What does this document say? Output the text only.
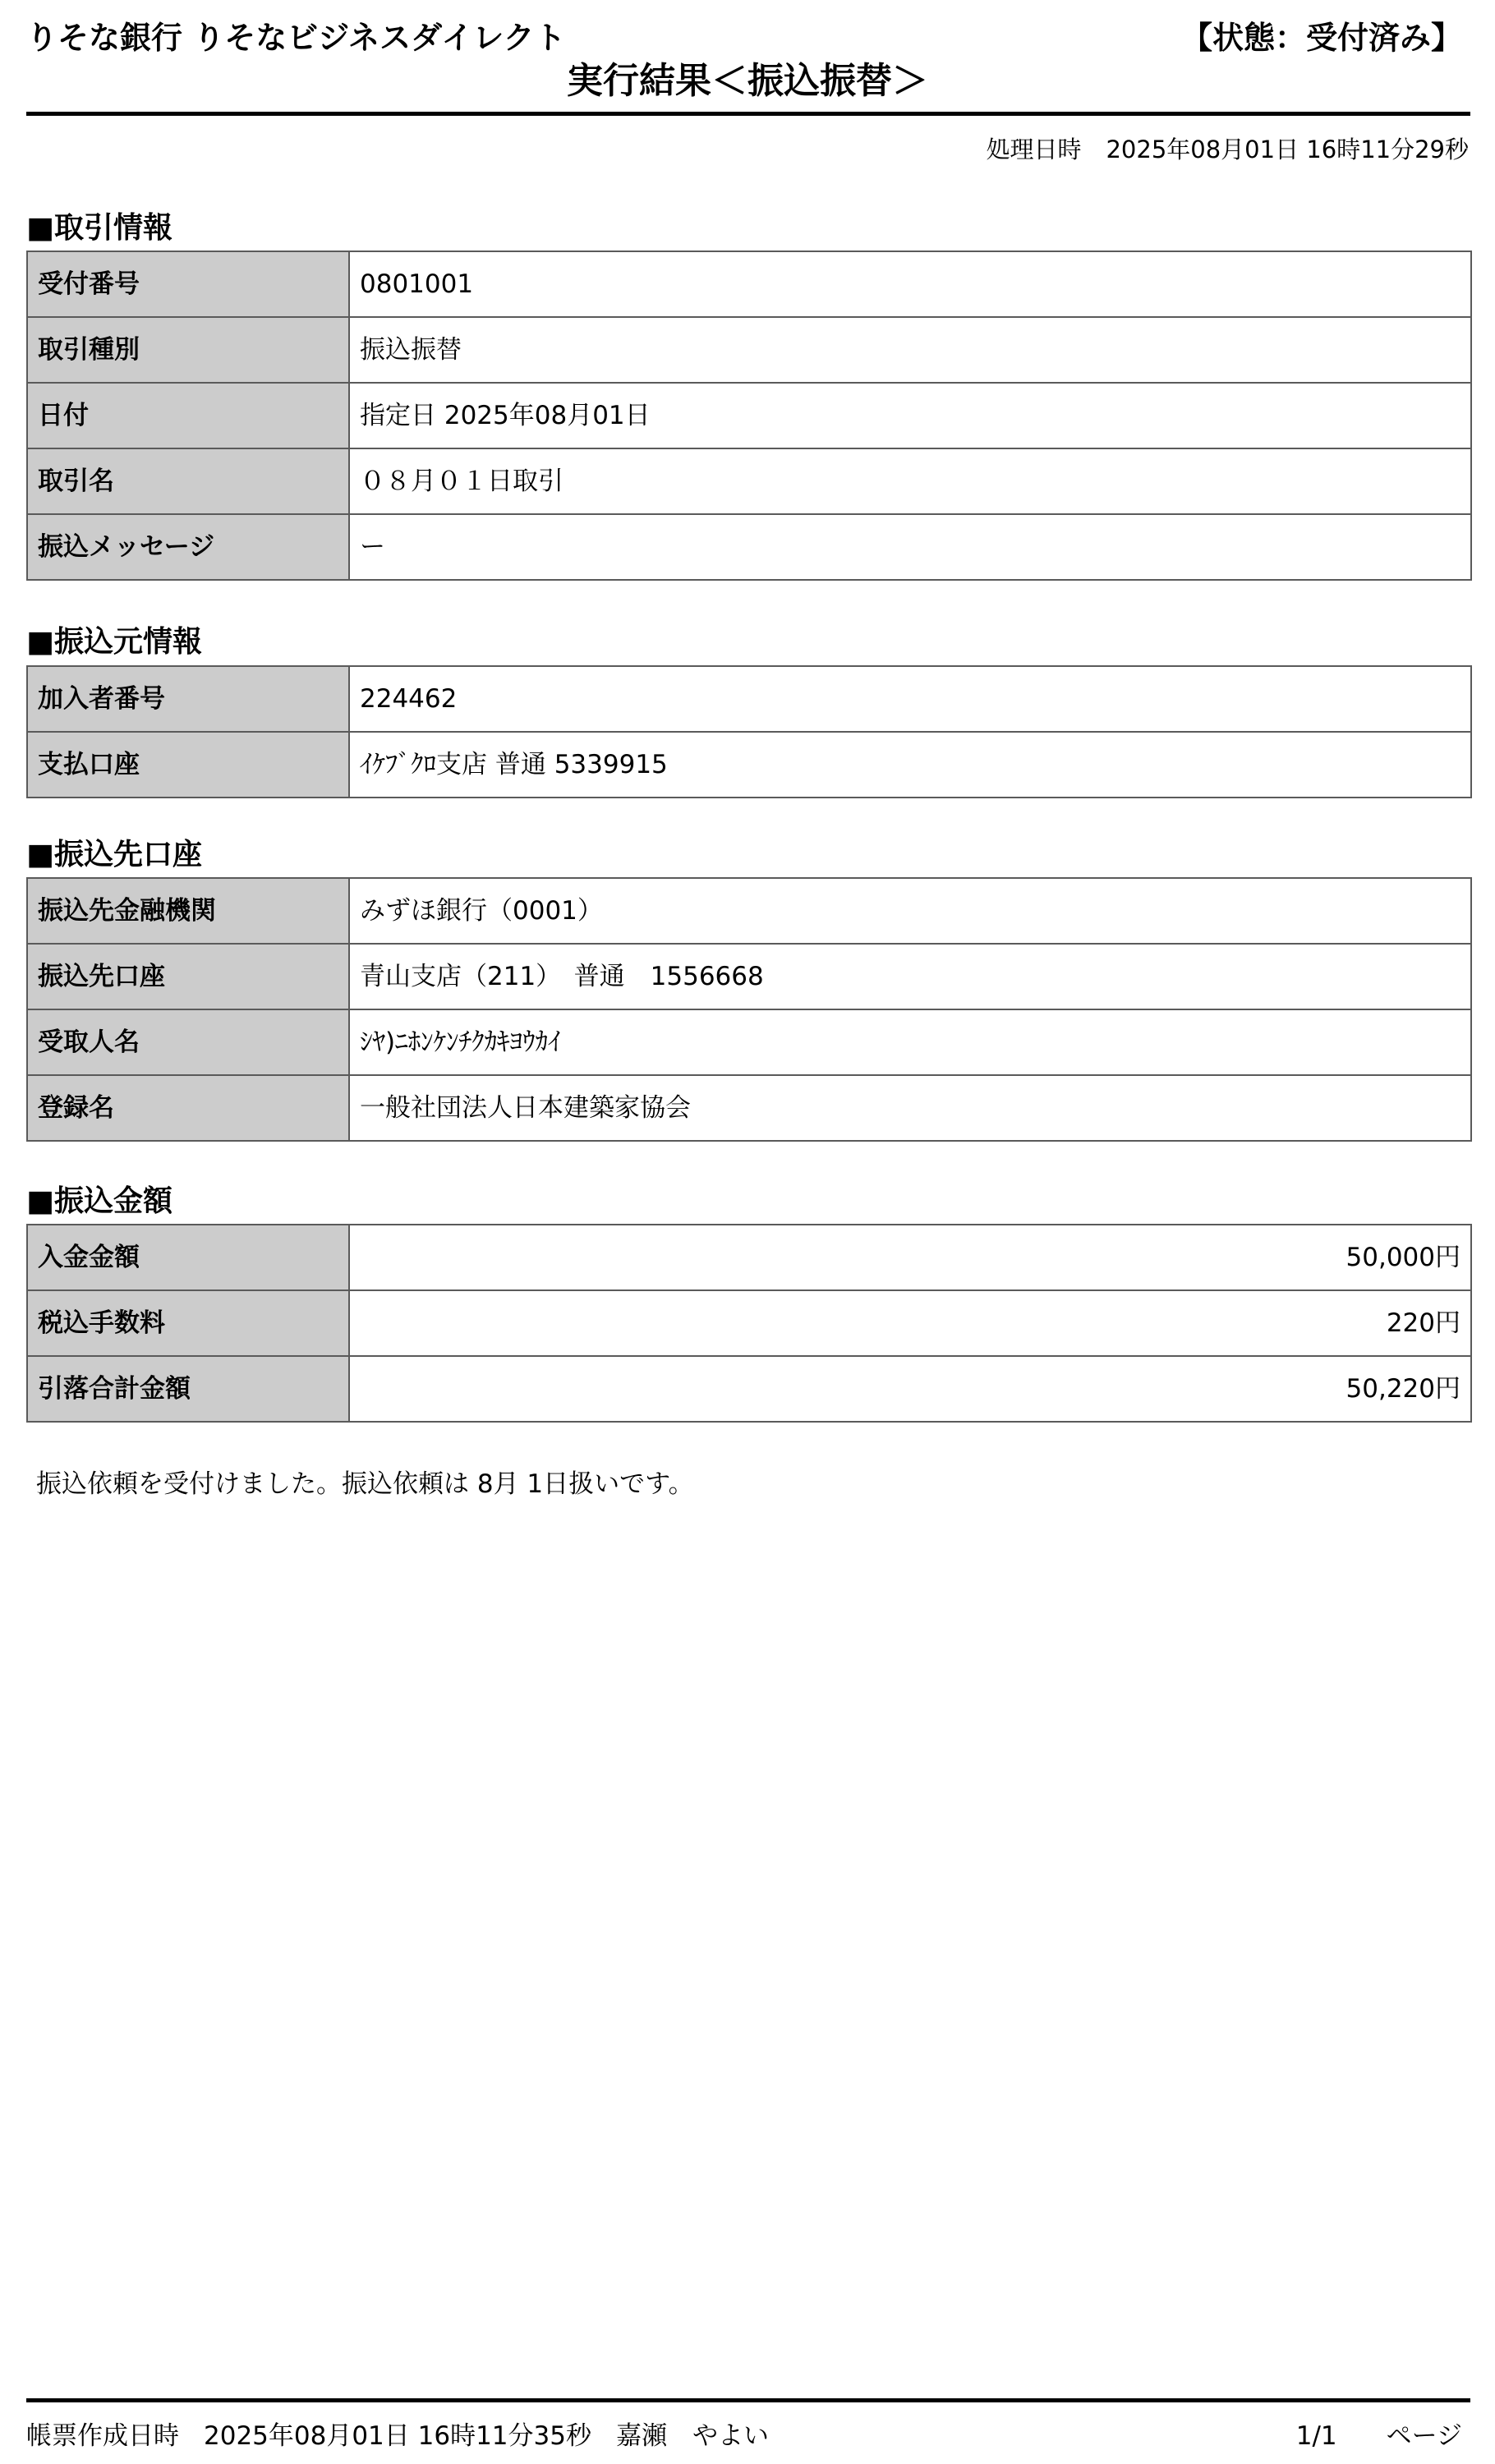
りそな銀行 りそなビジネスダイレクト	【状態：受付済み】
実行結果＜振込振替＞
処理日時 2025年08月01日 16時11分29秒
■取引情報
受付番号	0801001
取引種別	振込振替
日付	指定日 2025年08月01日
取引名	０８月０１日取引
振込メッセージ	ー
■振込元情報
加入者番号	224462
支払口座	ｲｹﾌﾞｸﾛ支店 普通 5339915
■振込先口座
振込先金融機関	みずほ銀行（0001）
振込先口座	青山支店（211）　普通　1556668
受取人名	ｼﾔ)ﾆﾎﾝｹﾝﾁｸｶｷﾖｳｶｲ
登録名	一般社団法人日本建築家協会
■振込金額
入金金額	50,000円
税込手数料	220円
引落合計金額	50,220円
振込依頼を受付けました。振込依頼は 8月 1日扱いです。
帳票作成日時 2025年08月01日 16時11分35秒 嘉瀬　やよい	1/1 ページ
